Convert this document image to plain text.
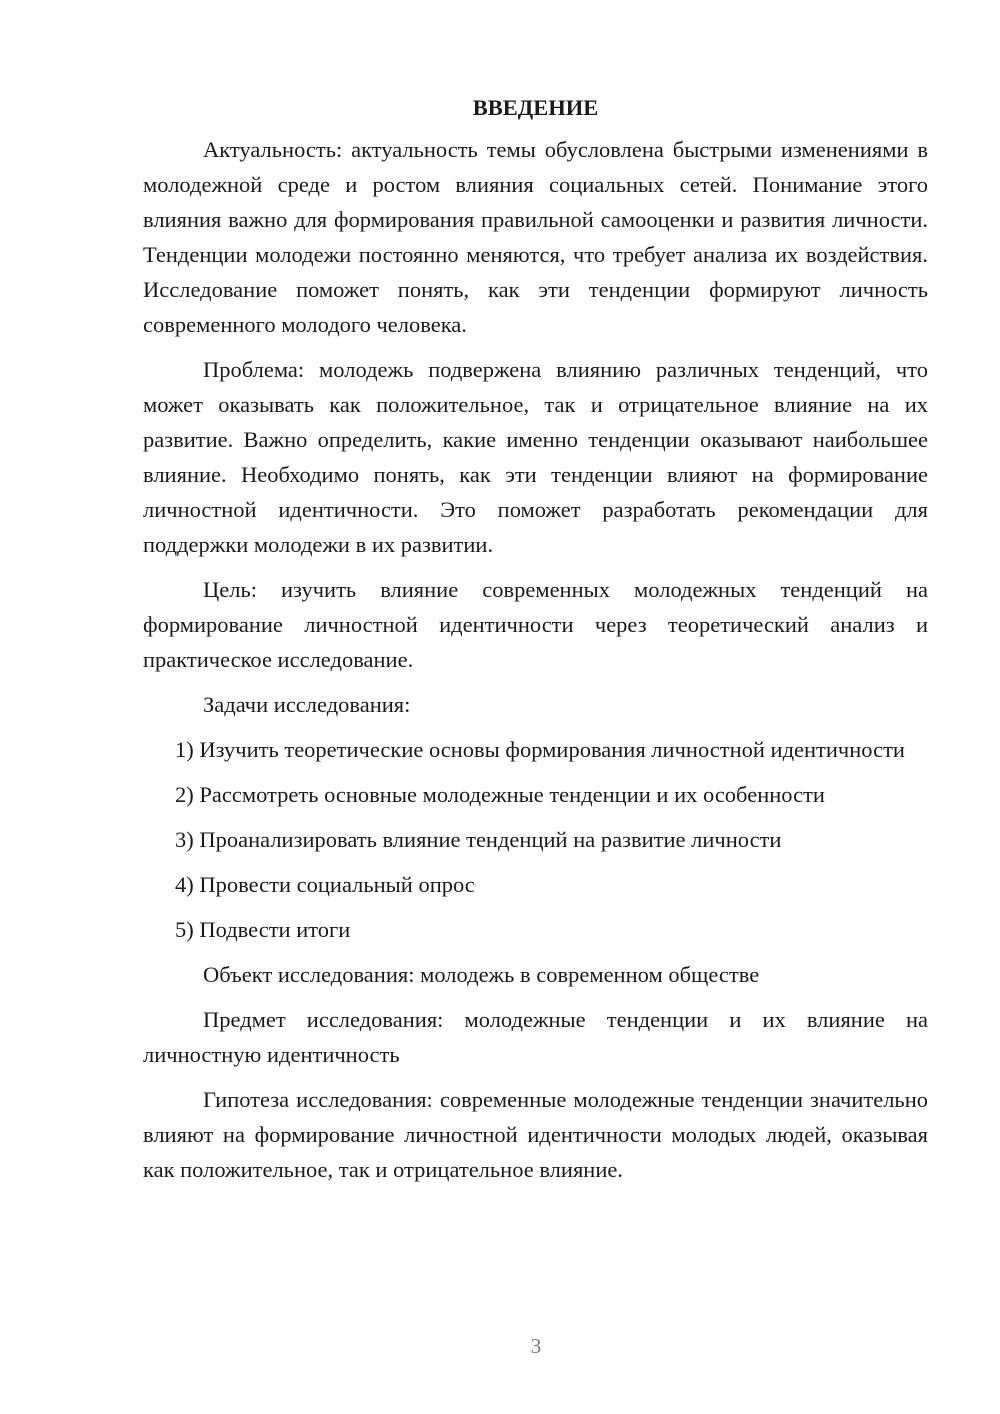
ВВЕДЕНИЕ

Актуальность: актуальность темы обусловлена быстрыми изменениями в молодежной среде и ростом влияния социальных сетей. Понимание этого влияния важно для формирования правильной самооценки и развития личности. Тенденции молодежи постоянно меняются, что требует анализа их воздействия. Исследование поможет понять, как эти тенденции формируют личность современного молодого человека.

Проблема: молодежь подвержена влиянию различных тенденций, что может оказывать как положительное, так и отрицательное влияние на их развитие. Важно определить, какие именно тенденции оказывают наибольшее влияние. Необходимо понять, как эти тенденции влияют на формирование личностной идентичности. Это поможет разработать рекомендации для поддержки молодежи в их развитии.

Цель: изучить влияние современных молодежных тенденций на формирование личностной идентичности через теоретический анализ и практическое исследование.

Задачи исследования:

1) Изучить теоретические основы формирования личностной идентичности

2) Рассмотреть основные молодежные тенденции и их особенности

3) Проанализировать влияние тенденций на развитие личности

4) Провести социальный опрос

5) Подвести итоги

Объект исследования: молодежь в современном обществе

Предмет исследования: молодежные тенденции и их влияние на личностную идентичность

Гипотеза исследования: современные молодежные тенденции значительно влияют на формирование личностной идентичности молодых людей, оказывая как положительное, так и отрицательное влияние.

3
